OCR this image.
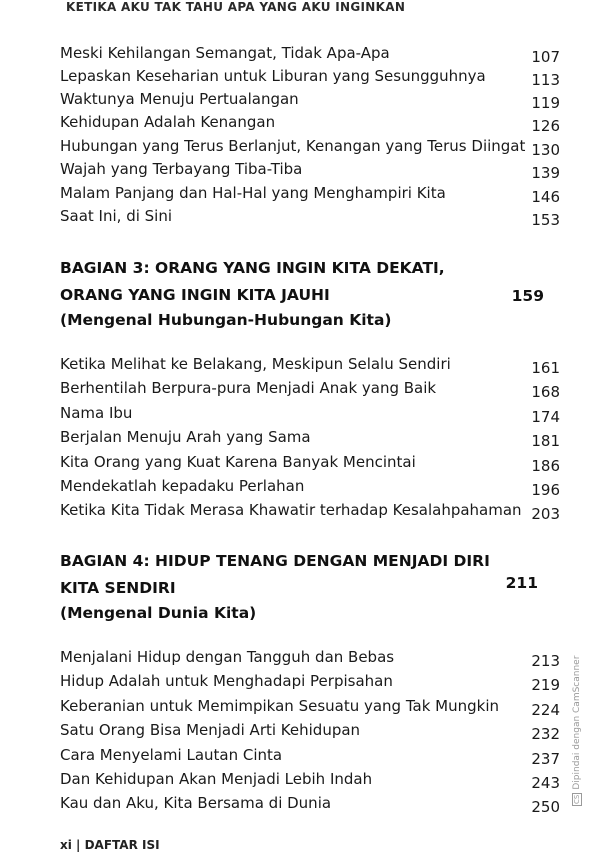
KETIKA AKU TAK TAHU APA YANG AKU INGINKAN
Meski Kehilangan Semangat, Tidak Apa-Apa	107
Lepaskan Keseharian untuk Liburan yang Sesungguhnya	113
Waktunya Menuju Pertualangan	119
Kehidupan Adalah Kenangan	126
Hubungan yang Terus Berlanjut, Kenangan yang Terus Diingat 130
Wajah yang Terbayang Tiba-Tiba	139
Malam Panjang dan Hal-Hal yang Menghampiri Kita	146
Saat Ini, di Sini	153
BAGIAN 3: ORANG YANG INGIN KITA DEKATI,
ORANG YANG INGIN KITA JAUHI	159
(Mengenal Hubungan-Hubungan Kita)
Ketika Melihat ke Belakang, Meskipun Selalu Sendiri	161
Berhentilah Berpura-pura Menjadi Anak yang Baik	168
Nama Ibu	174
Berjalan Menuju Arah yang Sama	181
Kita Orang yang Kuat Karena Banyak Mencintai	186
Mendekatlah kepadaku Perlahan	196
Ketika Kita Tidak Merasa Khawatir terhadap Kesalahpahaman 203
BAGIAN 4: HIDUP TENANG DENGAN MENJADI DIRI
KITA SENDIRI	211
(Mengenal Dunia Kita)
Menjalani Hidup dengan Tangguh dan Bebas	213
Hidup Adalah untuk Menghadapi Perpisahan	219
Keberanian untuk Memimpikan Sesuatu yang Tak Mungkin 224
Satu Orang Bisa Menjadi Arti Kehidupan	232
Cara Menyelami Lautan Cinta	237
Dan Kehidupan Akan Menjadi Lebih Indah	243
Kau dan Aku, Kita Bersama di Dunia	250
xi | DAFTAR ISI
CSDipindai dengan CamScanner
